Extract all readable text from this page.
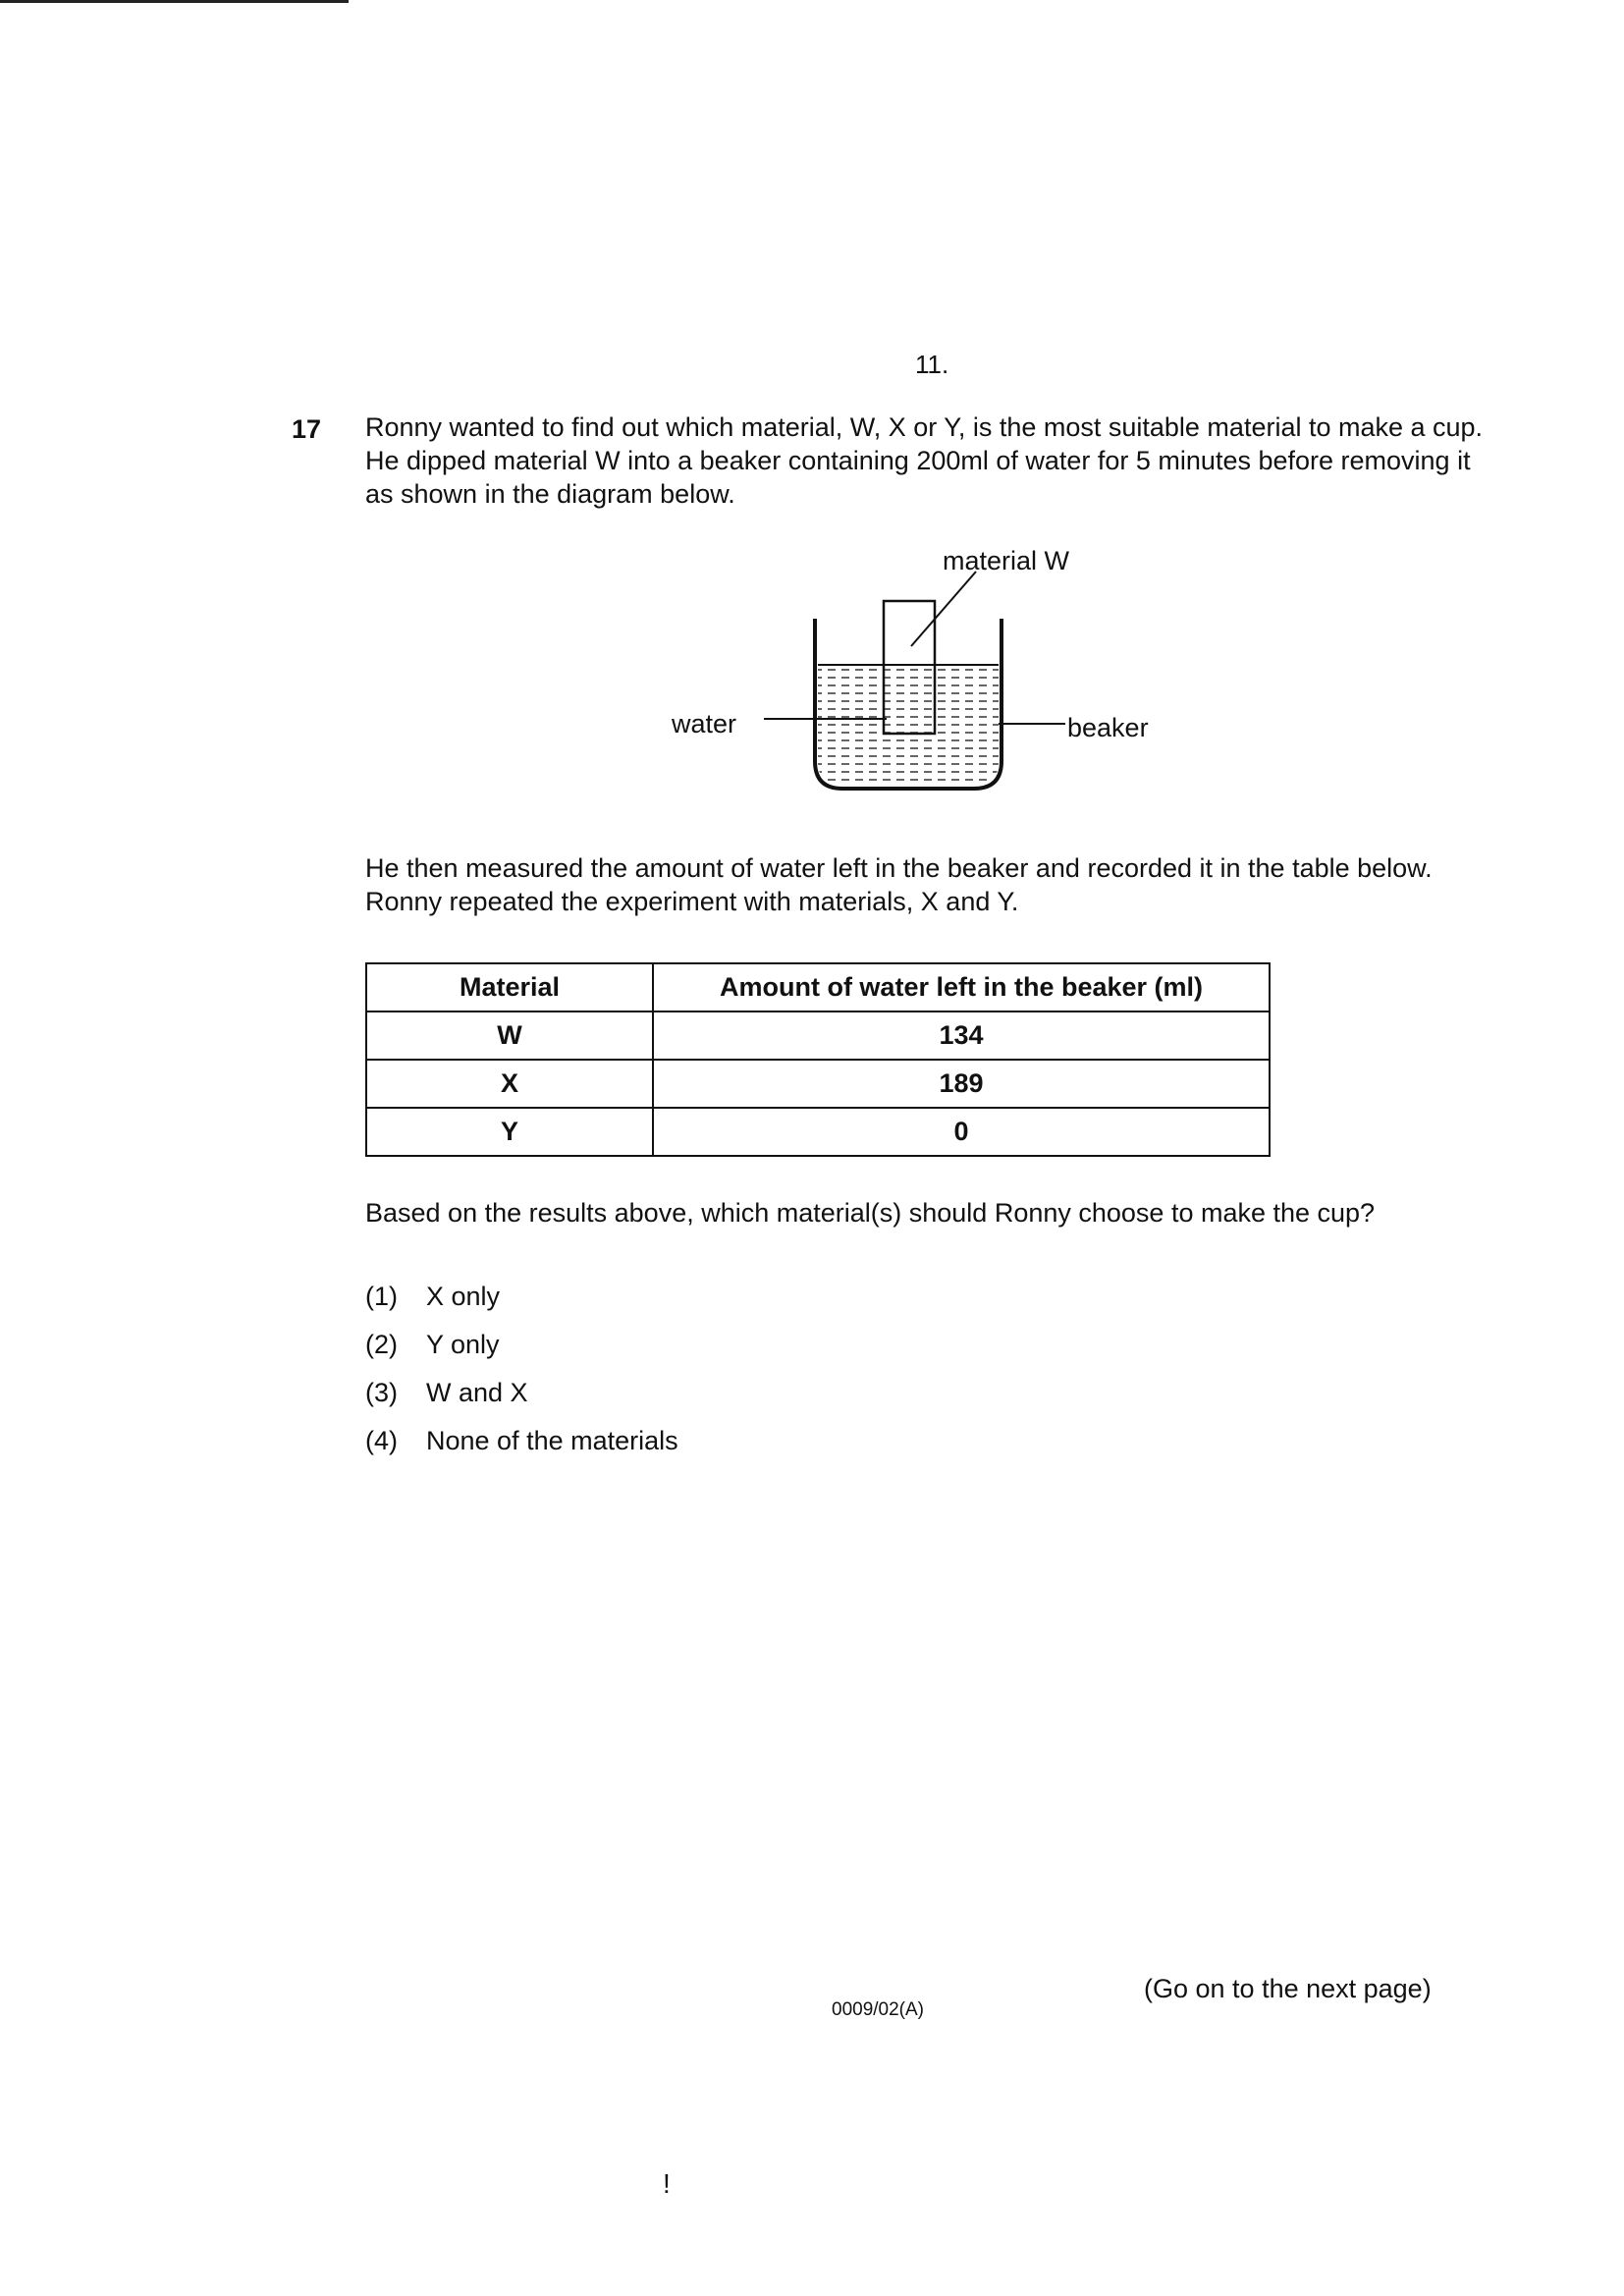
11.
17 Ronny wanted to find out which material, W, X or Y, is the most suitable material to make a cup. He dipped material W into a beaker containing 200ml of water for 5 minutes before removing it as shown in the diagram below.

material W
water	beaker

He then measured the amount of water left in the beaker and recorded it in the table below. Ronny repeated the experiment with materials, X and Y.

Material	Amount of water left in the beaker (ml)
W	134
X	189
Y	0

Based on the results above, which material(s) should Ronny choose to make the cup?

(1) X only
(2) Y only
(3) W and X
(4) None of the materials
0009/02(A)
(Go on to the next page)
!
